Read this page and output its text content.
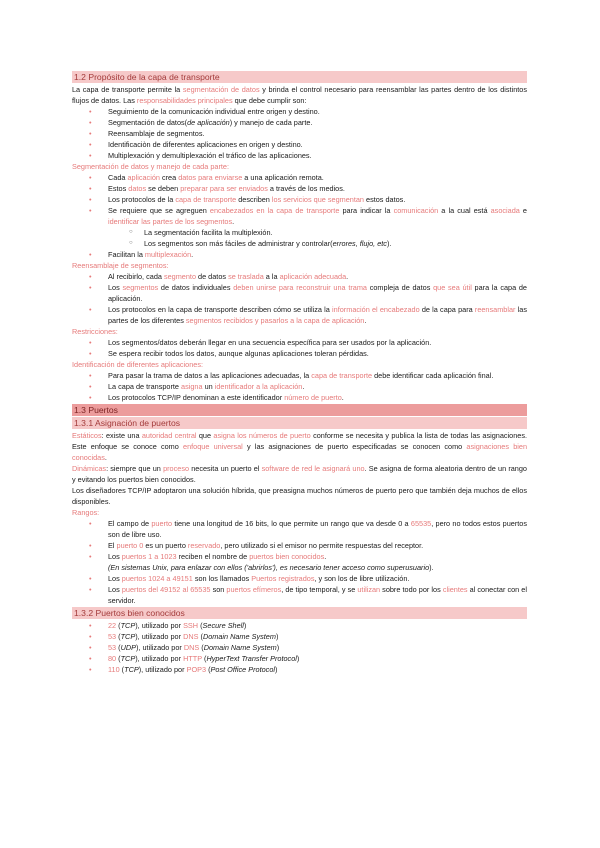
1.2 Propósito de la capa de transporte
La capa de transporte permite la segmentación de datos y brinda el control necesario para reensamblar las partes dentro de los distintos flujos de datos. Las responsabilidades principales que debe cumplir son:
• Seguimiento de la comunicación individual entre origen y destino.
• Segmentación de datos(de aplicación) y manejo de cada parte.
• Reensamblaje de segmentos.
• Identificaciòn de diferentes aplicaciones en origen y destino.
• Multiplexación y demultiplexación el tráfico de las aplicaciones.
Segmentación de datos y manejo de cada parte:
• Cada aplicación crea datos para enviarse a una aplicación remota.
• Estos datos se deben preparar para ser enviados a través de los medios.
• Los protocolos de la capa de transporte describen los servicios que segmentan estos datos.
• Se requiere que se agreguen encabezados en la capa de transporte para indicar la comunicación a la cual está asociada e identificar las partes de los segmentos.
○ La segmentación facilita la multiplexión.
○ Los segmentos son más fáciles de administrar y controlar(errores, flujo, etc).
• Facilitan la multiplexación.
Reensamblaje de segmentos:
• Al recibirlo, cada segmento de datos se traslada a la aplicación adecuada.
• Los segmentos de datos individuales deben unirse para reconstruir una trama compleja de datos que sea útil para la capa de aplicación.
• Los protocolos en la capa de transporte describen cómo se utiliza la información el encabezado de la capa para reensamblar las partes de los diferentes segmentos recibidos y pasarlos a la capa de aplicación.
Restricciones:
• Los segmentos/datos deberán llegar en una secuencia específica para ser usados por la aplicación.
• Se espera recibir todos los datos, aunque algunas aplicaciones toleran pérdidas.
Identificación de diferentes aplicaciones:
• Para pasar la trama de datos a las aplicaciones adecuadas, la capa de transporte debe identificar cada aplicación final.
• La capa de transporte asigna un identificador a la aplicación.
• Los protocolos TCP/IP denominan a este identificador número de puerto.
1.3 Puertos
1.3.1 Asignación de puertos
Estáticos: existe una autoridad central que asigna los números de puerto conforme se necesita y publica la lista de todas las asignaciones. Este enfoque se conoce como enfoque universal y las asignaciones de puerto especificadas se conocen como asignaciones bien conocidas.
Dinámicas: siempre que un proceso necesita un puerto el software de red le asignará uno. Se asigna de forma aleatoria dentro de un rango y evitando los puertos bien conocidos.
Los diseñadores TCP/IP adoptaron una solución híbrida, que preasigna muchos números de puerto pero que también deja muchos de ellos disponibles.
Rangos:
• El campo de puerto tiene una longitud de 16 bits, lo que permite un rango que va desde 0 a 65535, pero no todos estos puertos son de libre uso.
• El puerto 0 es un puerto reservado, pero utilizado si el emisor no permite respuestas del receptor.
• Los puertos 1 a 1023 reciben el nombre de puertos bien conocidos.
(En sistemas Unix, para enlazar con ellos ('abrirlos'), es necesario tener acceso como superusuario).
• Los puertos 1024 a 49151 son los llamados Puertos registrados, y son los de libre utilización.
• Los puertos del 49152 al 65535 son puertos efímeros, de tipo temporal, y se utilizan sobre todo por los clientes al conectar con el servidor.
1.3.2 Puertos bien conocidos
• 22 (TCP), utilizado por SSH (Secure Shell)
• 53 (TCP), utilizado por DNS (Domain Name System)
• 53 (UDP), utilizado por DNS (Domain Name System)
• 80 (TCP), utilizado por HTTP (HyperText Transfer Protocol)
• 110 (TCP), utilizado por POP3 (Post Office Protocol)
